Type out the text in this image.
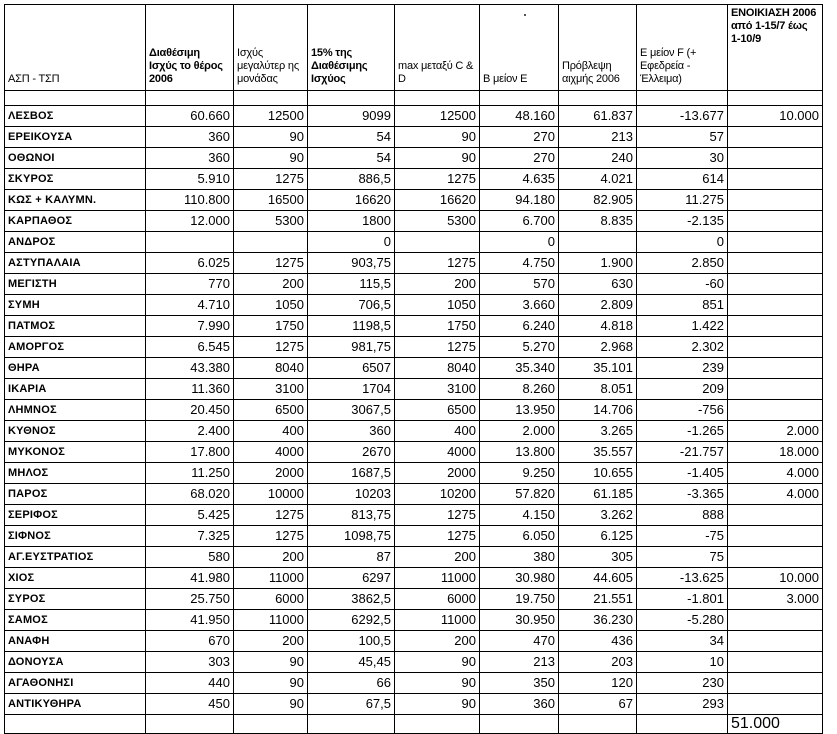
ΑΣΠ - ΤΣΠ	Διαθέσιμη Ισχύς το θέρος 2006	Ισχύς μεγαλύτερ ης μονάδας	15% της Διαθέσιμης Ισχύος	max μεταξύ C & D	B μείον E	Πρόβλεψη αιχμής 2006	E μείον F (+ Εφεδρεία - Έλλειμα)	ΕΝΟΙΚΙΑΣΗ 2006 από 1-15/7 έως 1-10/9

ΛΕΣΒΟΣ	60.660	12500	9099	12500	48.160	61.837	-13.677	10.000
ΕΡΕΙΚΟΥΣΑ	360	90	54	90	270	213	57	
ΟΘΩΝΟΙ	360	90	54	90	270	240	30	
ΣΚΥΡΟΣ	5.910	1275	886,5	1275	4.635	4.021	614	
ΚΩΣ + ΚΑΛΥΜΝ.	110.800	16500	16620	16620	94.180	82.905	11.275	
ΚΑΡΠΑΘΟΣ	12.000	5300	1800	5300	6.700	8.835	-2.135	
ΑΝΔΡΟΣ			0		0		0	
ΑΣΤΥΠΑΛΑΙΑ	6.025	1275	903,75	1275	4.750	1.900	2.850	
ΜΕΓΙΣΤΗ	770	200	115,5	200	570	630	-60	
ΣΥΜΗ	4.710	1050	706,5	1050	3.660	2.809	851	
ΠΑΤΜΟΣ	7.990	1750	1198,5	1750	6.240	4.818	1.422	
ΑΜΟΡΓΟΣ	6.545	1275	981,75	1275	5.270	2.968	2.302	
ΘΗΡΑ	43.380	8040	6507	8040	35.340	35.101	239	
ΙΚΑΡΙΑ	11.360	3100	1704	3100	8.260	8.051	209	
ΛΗΜΝΟΣ	20.450	6500	3067,5	6500	13.950	14.706	-756	
ΚΥΘΝΟΣ	2.400	400	360	400	2.000	3.265	-1.265	2.000
ΜΥΚΟΝΟΣ	17.800	4000	2670	4000	13.800	35.557	-21.757	18.000
ΜΗΛΟΣ	11.250	2000	1687,5	2000	9.250	10.655	-1.405	4.000
ΠΑΡΟΣ	68.020	10000	10203	10200	57.820	61.185	-3.365	4.000
ΣΕΡΙΦΟΣ	5.425	1275	813,75	1275	4.150	3.262	888	
ΣΙΦΝΟΣ	7.325	1275	1098,75	1275	6.050	6.125	-75	
ΑΓ.ΕΥΣΤΡΑΤΙΟΣ	580	200	87	200	380	305	75	
ΧΙΟΣ	41.980	11000	6297	11000	30.980	44.605	-13.625	10.000
ΣΥΡΟΣ	25.750	6000	3862,5	6000	19.750	21.551	-1.801	3.000
ΣΑΜΟΣ	41.950	11000	6292,5	11000	30.950	36.230	-5.280	
ΑΝΑΦΗ	670	200	100,5	200	470	436	34	
ΔΟΝΟΥΣΑ	303	90	45,45	90	213	203	10	
ΑΓΑΘΟΝΗΣΙ	440	90	66	90	350	120	230	
ΑΝΤΙΚΥΘΗΡΑ	450	90	67,5	90	360	67	293	
								51.000
